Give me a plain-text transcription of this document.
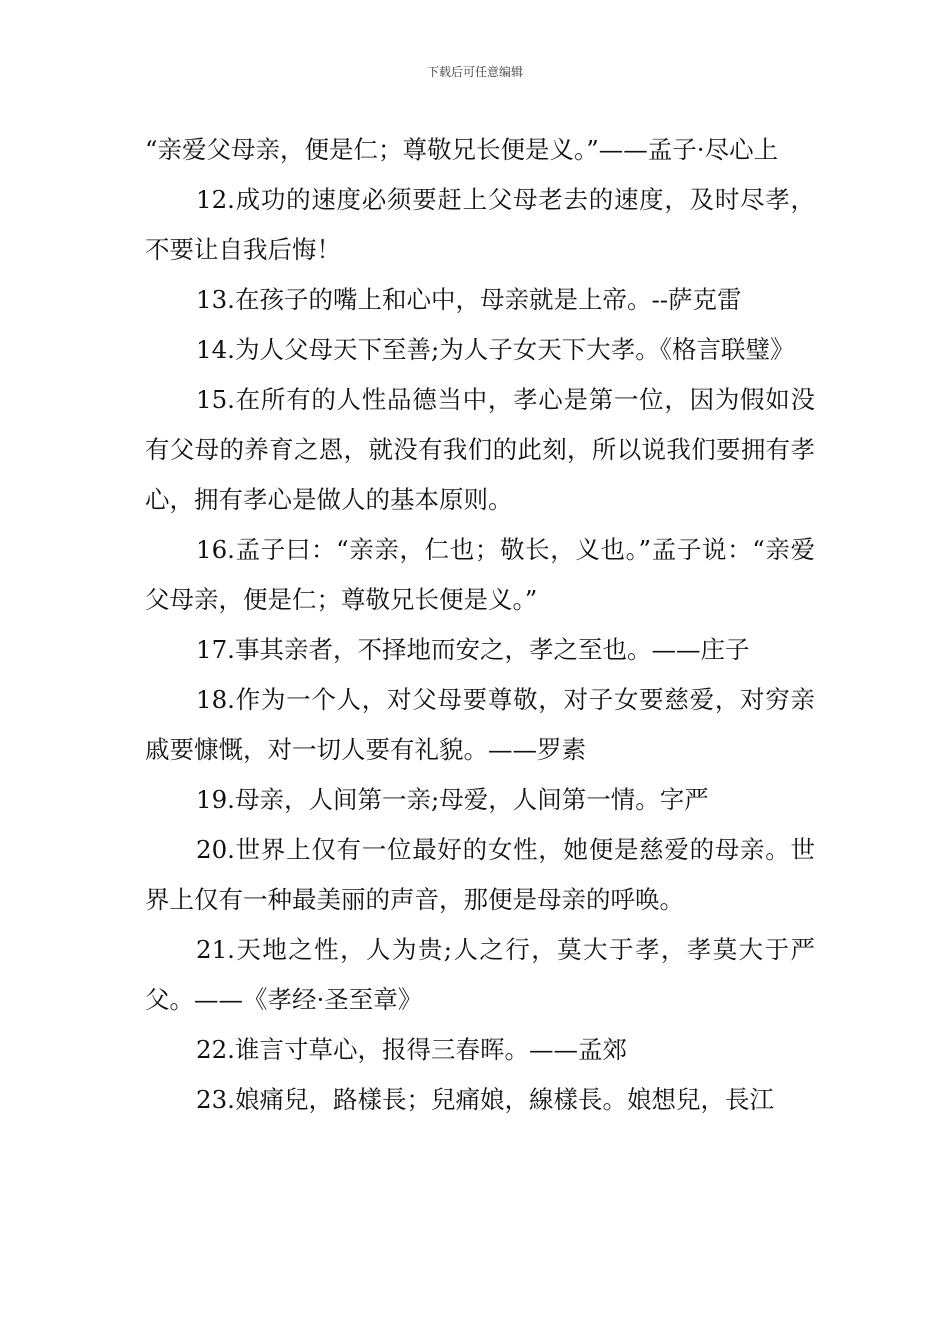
下载后可任意编辑

“亲爱父母亲，便是仁；尊敬兄长便是义。”——孟子·尽心上

12.成功的速度必须要赶上父母老去的速度，及时尽孝，不要让自我后悔！

13.在孩子的嘴上和心中，母亲就是上帝。--萨克雷

14.为人父母天下至善;为人子女天下大孝。《格言联璧》

15.在所有的人性品德当中，孝心是第一位，因为假如没有父母的养育之恩，就没有我们的此刻，所以说我们要拥有孝心，拥有孝心是做人的基本原则。

16.孟子曰：“亲亲，仁也；敬长，义也。”孟子说：“亲爱父母亲，便是仁；尊敬兄长便是义。”

17.事其亲者，不择地而安之，孝之至也。——庄子

18.作为一个人，对父母要尊敬，对子女要慈爱，对穷亲戚要慷慨，对一切人要有礼貌。——罗素

19.母亲，人间第一亲;母爱，人间第一情。字严

20.世界上仅有一位最好的女性，她便是慈爱的母亲。世界上仅有一种最美丽的声音，那便是母亲的呼唤。

21.天地之性，人为贵;人之行，莫大于孝，孝莫大于严父。——《孝经·圣至章》

22.谁言寸草心，报得三春晖。——孟郊

23.娘痛兒，路樣長；兒痛娘，線樣長。娘想兒，長江
